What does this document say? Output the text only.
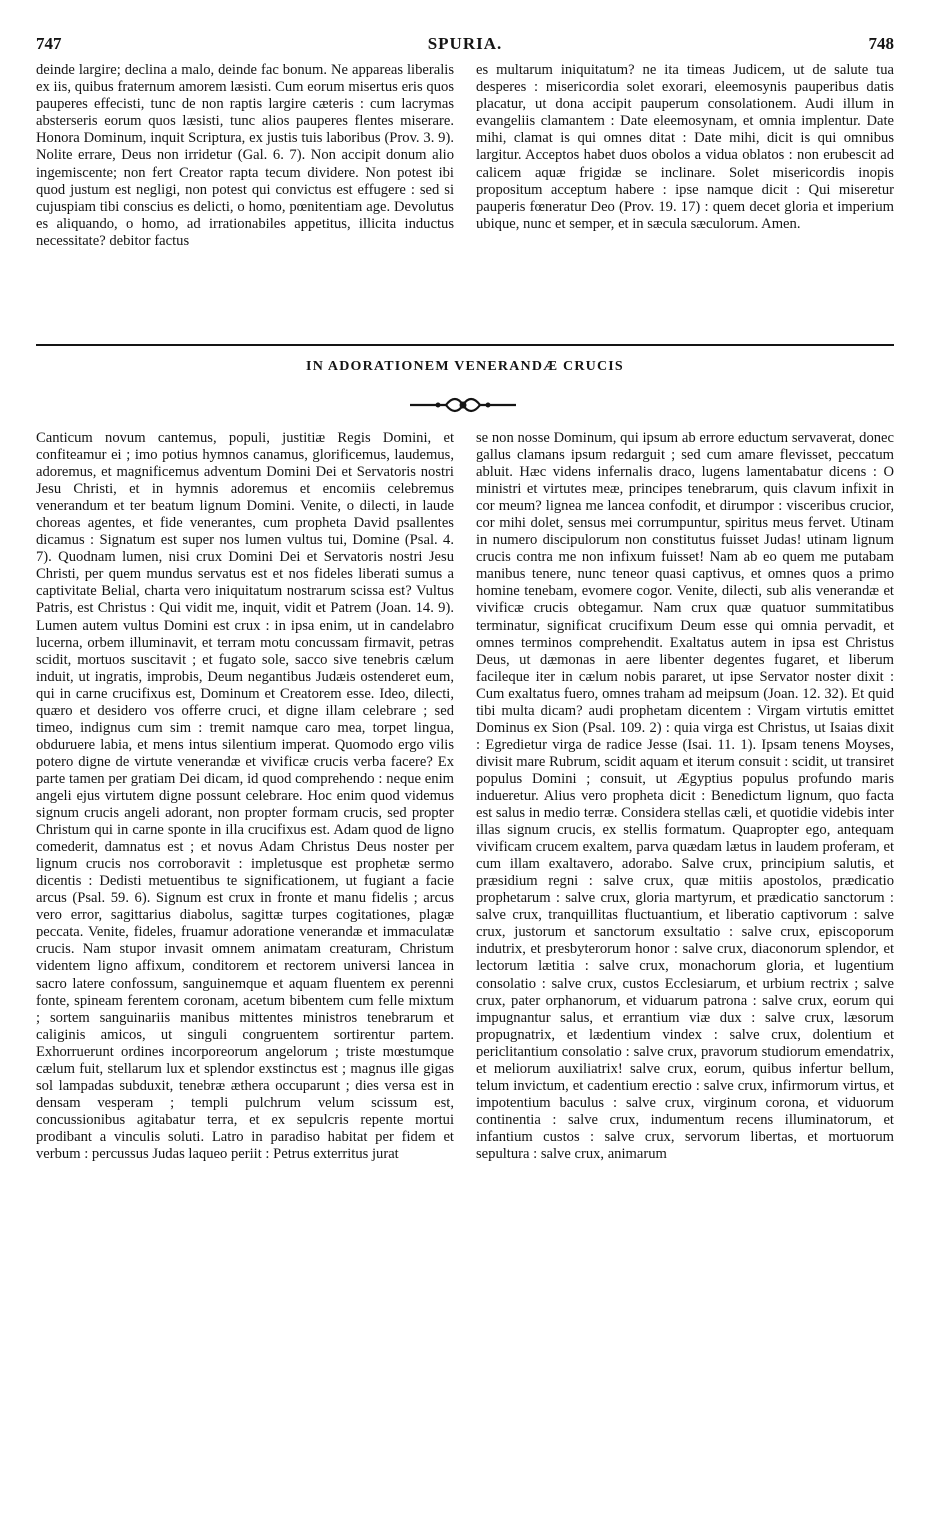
747	SPURIA.	748

deinde largire; declina a malo, deinde fac bonum. Ne appareas liberalis ex iis, quibus fraternum amorem læsisti. Cum eorum misertus eris quos pauperes effecisti, tunc de non raptis largire cæteris : cum lacrymas absterseris eorum quos læsisti, tunc alios pauperes flentes miserare. Honora Dominum, inquit Scriptura, ex justis tuis laboribus (Prov. 3. 9). Nolite errare, Deus non irridetur (Gal. 6. 7). Non accipit donum alio ingemiscente; non fert Creator rapta tecum dividere. Non potest ibi quod justum est negligi, non potest qui convictus est effugere : sed si cujuspiam tibi conscius es delicti, o homo, pœnitentiam age. Devolutus es aliquando, o homo, ad irrationabiles appetitus, illicita inductus necessitate? debitor factus

es multarum iniquitatum? ne ita timeas Judicem, ut de salute tua desperes : misericordia solet exorari, eleemosynis pauperibus datis placatur, ut dona accipit pauperum consolationem. Audi illum in evangeliis clamantem : Date eleemosynam, et omnia implentur. Date mihi, clamat is qui omnes ditat : Date mihi, dicit is qui omnibus largitur. Acceptos habet duos obolos a vidua oblatos : non erubescit ad calicem aquæ frigidæ se inclinare. Solet misericordis inopis propositum acceptum habere : ipse namque dicit : Qui miseretur pauperis fœneratur Deo (Prov. 19. 17) : quem decet gloria et imperium ubique, nunc et semper, et in sæcula sæculorum. Amen.

IN ADORATIONEM VENERANDÆ CRUCIS

Canticum novum cantemus, populi, justitiæ Regis Domini, et confiteamur ei ; imo potius hymnos canamus, glorificemus, laudemus, adoremus, et magnificemus adventum Domini Dei et Servatoris nostri Jesu Christi, et in hymnis adoremus et encomiis celebremus venerandum et ter beatum lignum Domini. Venite, o dilecti, in laude choreas agentes, et fide venerantes, cum propheta David psallentes dicamus : Signatum est super nos lumen vultus tui, Domine (Psal. 4. 7). Quodnam lumen, nisi crux Domini Dei et Servatoris nostri Jesu Christi, per quem mundus servatus est et nos fideles liberati sumus a captivitate Belial, charta vero iniquitatum nostrarum scissa est? Vultus Patris, est Christus : Qui vidit me, inquit, vidit et Patrem (Joan. 14. 9). Lumen autem vultus Domini est crux : in ipsa enim, ut in candelabro lucerna, orbem illuminavit, et terram motu concussam firmavit, petras scidit, mortuos suscitavit ; et fugato sole, sacco sive tenebris cælum induit, ut ingratis, improbis, Deum negantibus Judæis ostenderet eum, qui in carne crucifixus est, Dominum et Creatorem esse. Ideo, dilecti, quæro et desidero vos offerre cruci, et digne illam celebrare ; sed timeo, indignus cum sim : tremit namque caro mea, torpet lingua, obduruere labia, et mens intus silentium imperat. Quomodo ergo vilis potero digne de virtute venerandæ et vivificæ crucis verba facere? Ex parte tamen per gratiam Dei dicam, id quod comprehendo : neque enim angeli ejus virtutem digne possunt celebrare. Hoc enim quod videmus signum crucis angeli adorant, non propter formam crucis, sed propter Christum qui in carne sponte in illa crucifixus est. Adam quod de ligno comederit, damnatus est ; et novus Adam Christus Deus noster per lignum crucis nos corroboravit : impletusque est prophetæ sermo dicentis : Dedisti metuentibus te significationem, ut fugiant a facie arcus (Psal. 59. 6). Signum est crux in fronte et manu fidelis ; arcus vero error, sagittarius diabolus, sagittæ turpes cogitationes, plagæ peccata. Venite, fideles, fruamur adoratione venerandæ et immaculatæ crucis. Nam stupor invasit omnem animatam creaturam, Christum videntem ligno affixum, conditorem et rectorem universi lancea in sacro latere confossum, sanguinemque et aquam fluentem ex perenni fonte, spineam ferentem coronam, acetum bibentem cum felle mixtum ; sortem sanguinariis manibus mittentes ministros tenebrarum et caliginis amicos, ut singuli congruentem sortirentur partem. Exhorruerunt ordines incorporeorum angelorum ; triste mœstumque cælum fuit, stellarum lux et splendor exstinctus est ; magnus ille gigas sol lampadas subduxit, tenebræ æthera occuparunt ; dies versa est in densam vesperam ; templi pulchrum velum scissum est, concussionibus agitabatur terra, et ex sepulcris repente mortui prodibant a vinculis soluti. Latro in paradiso habitat per fidem et verbum : percussus Judas laqueo periit : Petrus exterritus jurat

se non nosse Dominum, qui ipsum ab errore eductum servaverat, donec gallus clamans ipsum redarguit ; sed cum amare flevisset, peccatum abluit. Hæc videns infernalis draco, lugens lamentabatur dicens : O ministri et virtutes meæ, principes tenebrarum, quis clavum infixit in cor meum? lignea me lancea confodit, et dirumpor : visceribus crucior, cor mihi dolet, sensus mei corrumpuntur, spiritus meus fervet. Utinam in numero discipulorum non constitutus fuisset Judas! utinam lignum crucis contra me non infixum fuisset! Nam ab eo quem me putabam manibus tenere, nunc teneor quasi captivus, et omnes quos a primo homine tenebam, evomere cogor. Venite, dilecti, sub alis venerandæ et vivificæ crucis obtegamur. Nam crux quæ quatuor summitatibus terminatur, significat crucifixum Deum esse qui omnia pervadit, et omnes terminos comprehendit. Exaltatus autem in ipsa est Christus Deus, ut dæmonas in aere libenter degentes fugaret, et liberum facileque iter in cælum nobis pararet, ut ipse Servator noster dixit : Cum exaltatus fuero, omnes traham ad meipsum (Joan. 12. 32). Et quid tibi multa dicam? audi prophetam dicentem : Virgam virtutis emittet Dominus ex Sion (Psal. 109. 2) : quia virga est Christus, ut Isaias dixit : Egredietur virga de radice Jesse (Isai. 11. 1). Ipsam tenens Moyses, divisit mare Rubrum, scidit aquam et iterum consuit : scidit, ut transiret populus Domini ; consuit, ut Ægyptius populus profundo maris indueretur. Alius vero propheta dicit : Benedictum lignum, quo facta est salus in medio terræ. Considera stellas cæli, et quotidie videbis inter illas signum crucis, ex stellis formatum. Quapropter ego, antequam vivificam crucem exaltem, parva quædam lætus in laudem proferam, et cum illam exaltavero, adorabo. Salve crux, principium salutis, et præsidium regni : salve crux, quæ mitiis apostolos, prædicatio prophetarum : salve crux, gloria martyrum, et prædicatio sanctorum : salve crux, tranquillitas fluctuantium, et liberatio captivorum : salve crux, justorum et sanctorum exsultatio : salve crux, episcoporum indutrix, et presbyterorum honor : salve crux, diaconorum splendor, et lectorum lætitia : salve crux, monachorum gloria, et lugentium consolatio : salve crux, custos Ecclesiarum, et urbium rectrix ; salve crux, pater orphanorum, et viduarum patrona : salve crux, eorum qui impugnantur salus, et errantium viæ dux : salve crux, læsorum propugnatrix, et lædentium vindex : salve crux, dolentium et periclitantium consolatio : salve crux, pravorum studiorum emendatrix, et meliorum auxiliatrix! salve crux, eorum, quibus infertur bellum, telum invictum, et cadentium erectio : salve crux, infirmorum virtus, et impotentium baculus : salve crux, virginum corona, et viduorum continentia : salve crux, indumentum recens illuminatorum, et infantium custos : salve crux, servorum libertas, et mortuorum sepultura : salve crux, animarum
